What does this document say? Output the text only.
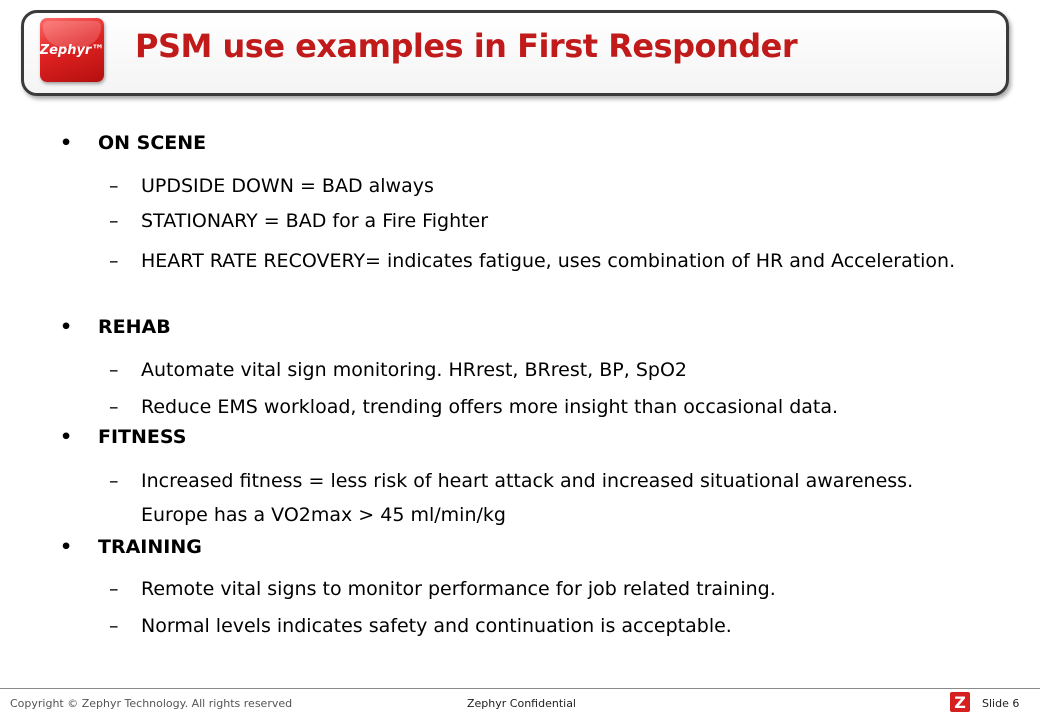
Zephyr™ PSM use examples in First Responder
• ON SCENE
– UPDSIDE DOWN = BAD always
– STATIONARY = BAD for a Fire Fighter
– HEART RATE RECOVERY= indicates fatigue, uses combination of HR and Acceleration.
• REHAB
– Automate vital sign monitoring. HRrest, BRrest, BP, SpO2
– Reduce EMS workload, trending offers more insight than occasional data.
• FITNESS
– Increased fitness = less risk of heart attack and increased situational awareness. Europe has a VO2max > 45 ml/min/kg
• TRAINING
– Remote vital signs to monitor performance for job related training.
– Normal levels indicates safety and continuation is acceptable.
Copyright © Zephyr Technology. All rights reserved	Zephyr Confidential	Z	Slide 6
